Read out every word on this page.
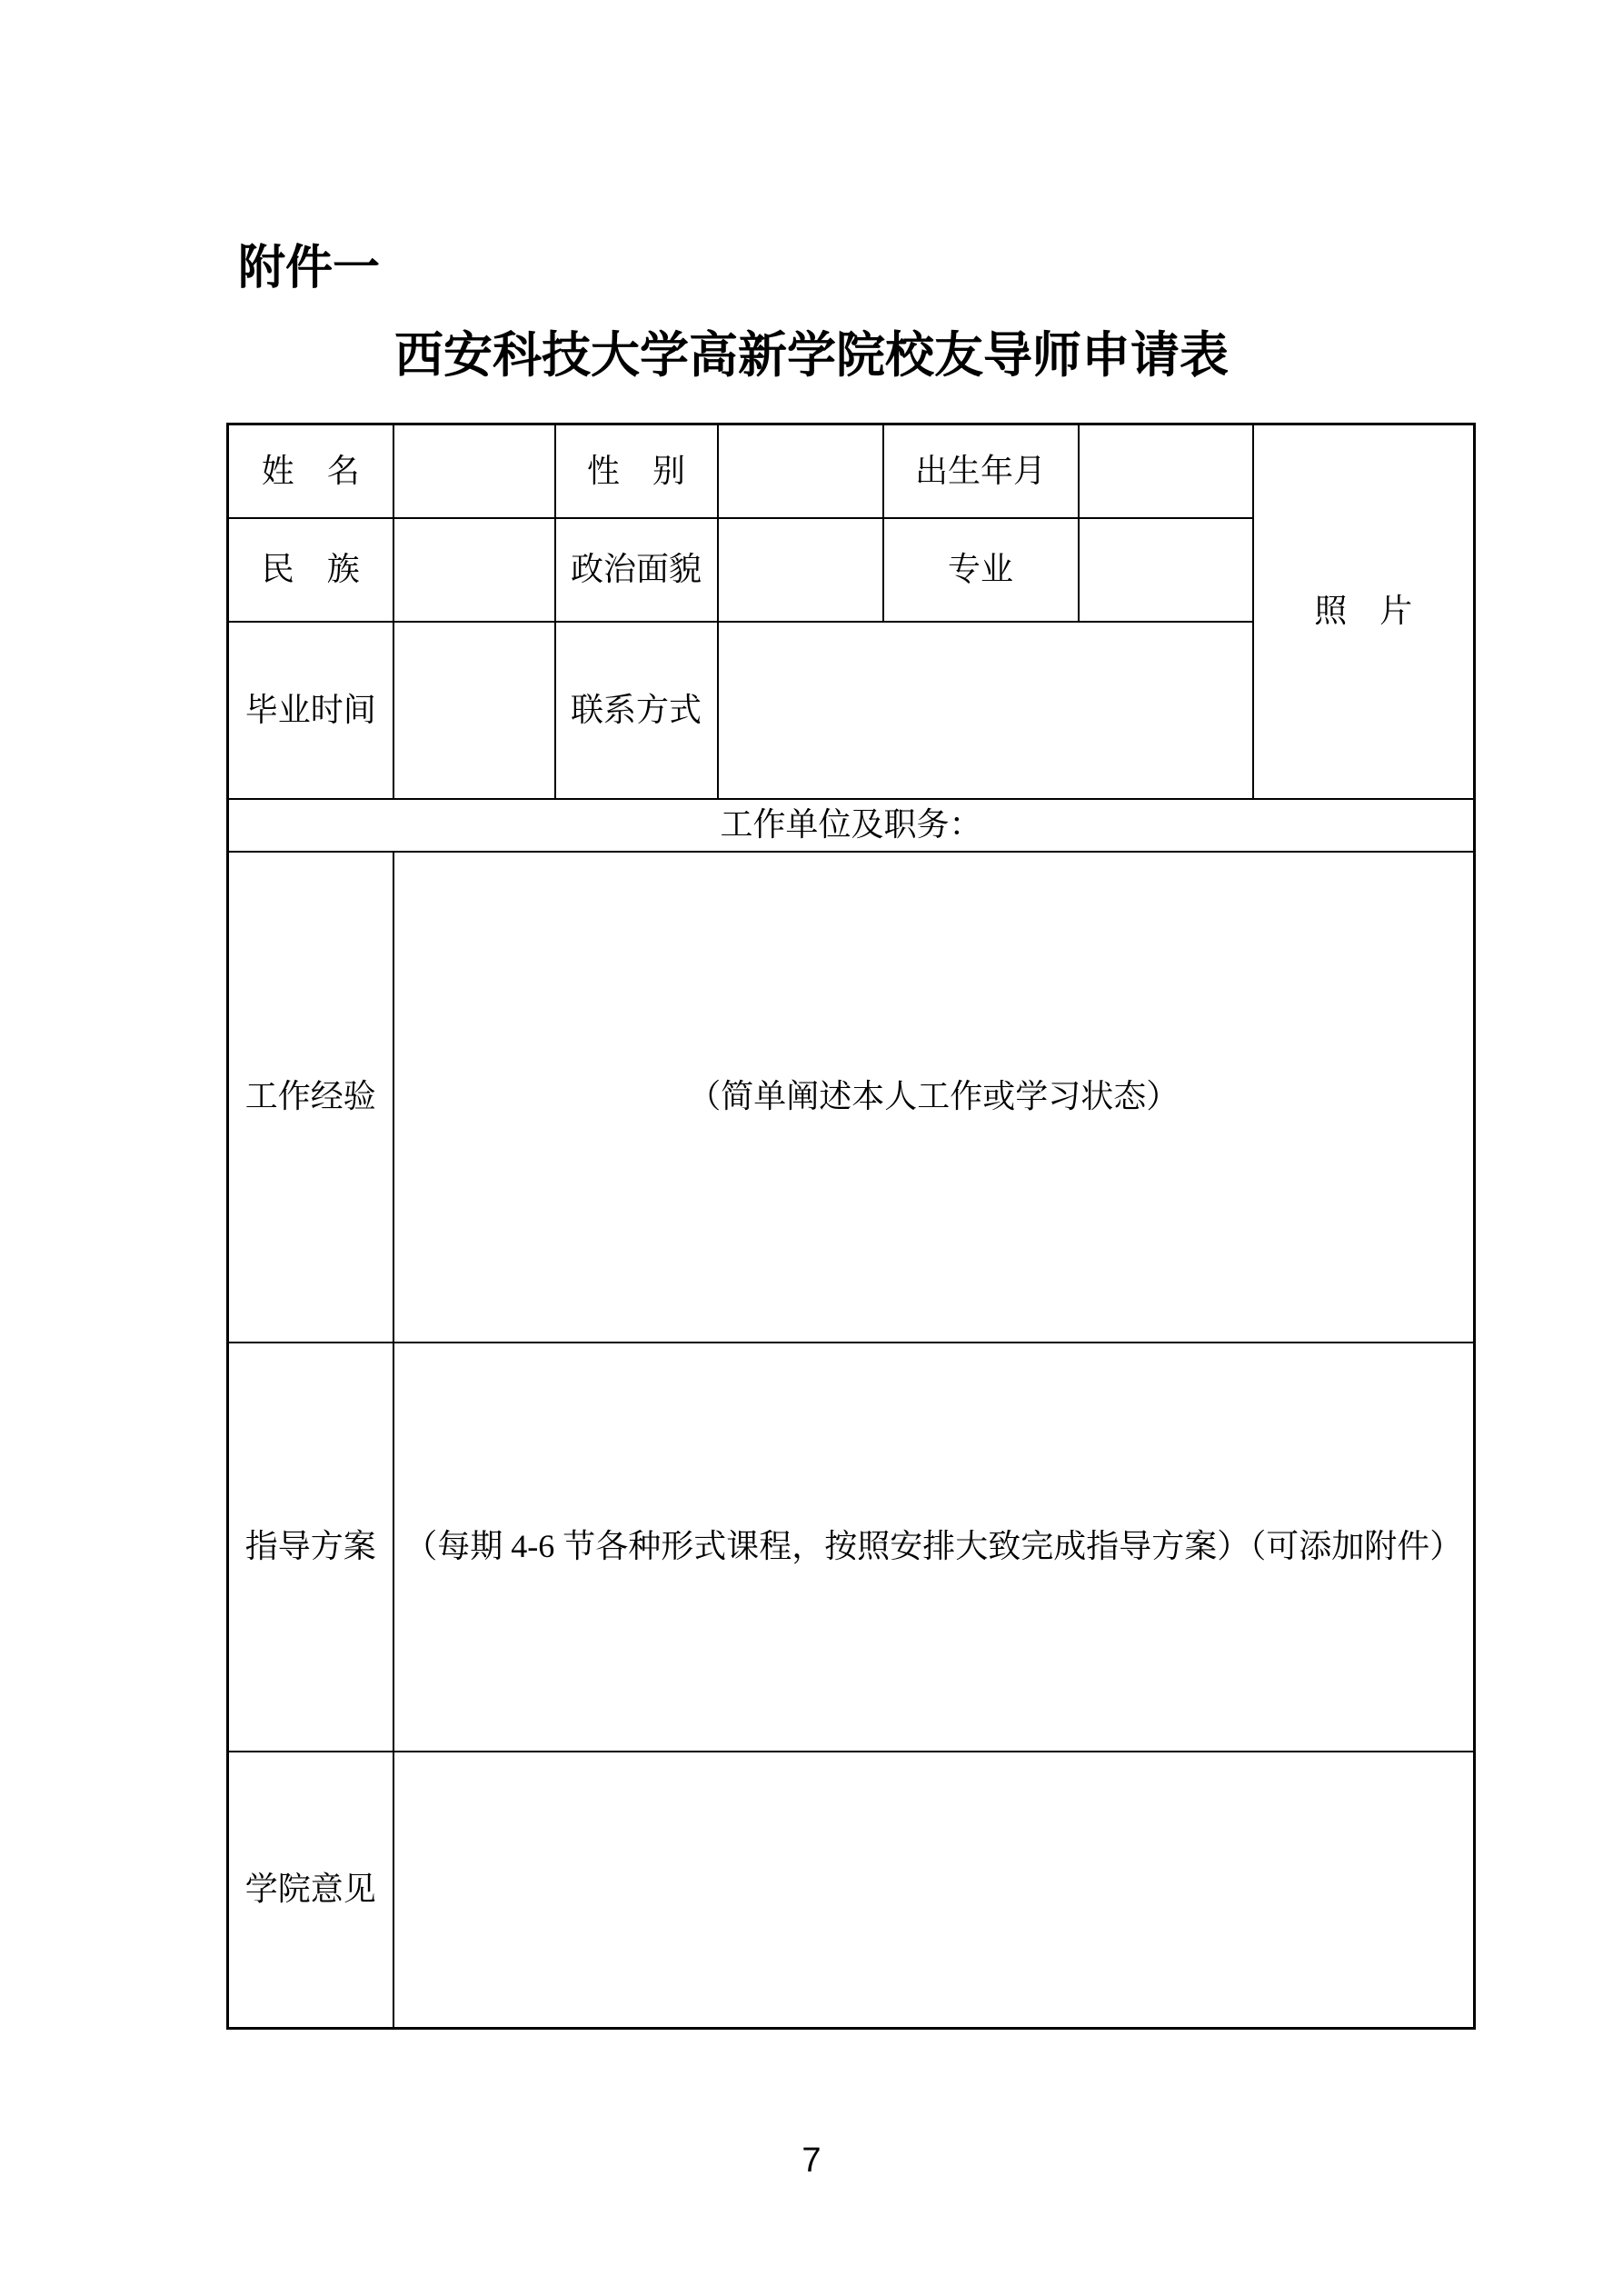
附件一
西安科技大学高新学院校友导师申请表
姓　名		性　别		出生年月		照　片
民　族		政治面貌		专业		
毕业时间		联系方式				
工作单位及职务：						
工作经验	（简单阐述本人工作或学习状态）					
指导方案	（每期 4-6 节各种形式课程，按照安排大致完成指导方案）（可添加附件）					
学院意见						
7
